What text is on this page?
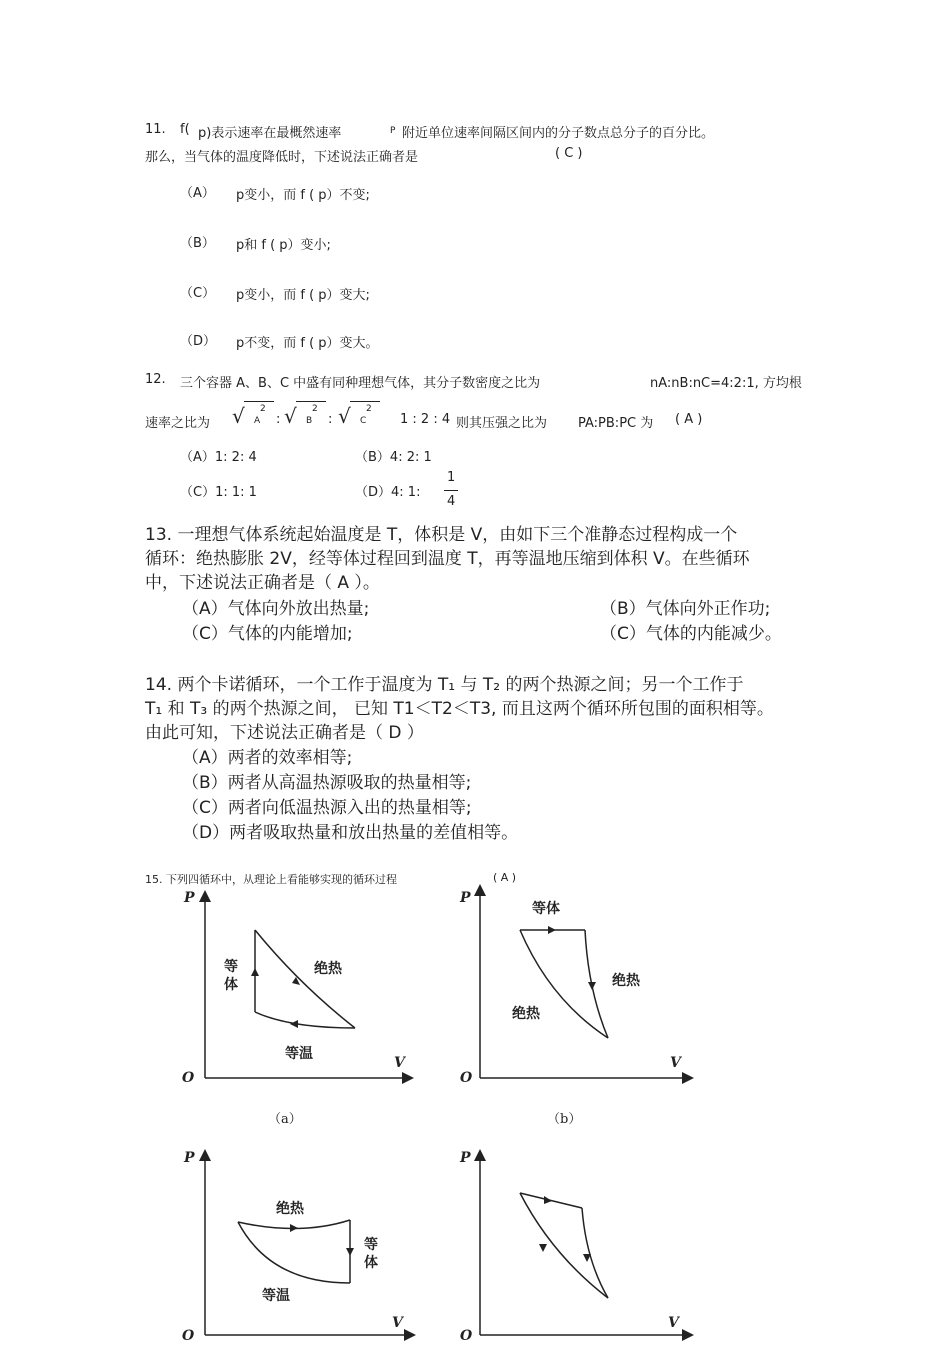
11. f( p)表示速率在最概然速率	P 附近单位速率间隔区间内的分子数点总分子的百分比。
那么，当气体的温度降低时，下述说法正确者是	( C )
（A） p变小，而 f ( p）不变;
（B） p和 f ( p）变小;
（C） p变小，而 f ( p）变大;
（D） p不变，而 f ( p）变大。
12. 三个容器 A、B、C 中盛有同种理想气体，其分子数密度之比为	nA:nB:nC=4:2:1, 方均根
速率之比为
√ 2
A :
√ 2
B :
√ 2
C	1 : 2 : 4 则其压强之比为 PA:PB:PC 为 ( A )
（A）1: 2: 4	（B）4: 2: 1
（C）1: 1: 1	（D）4: 1:
1
4
13. 一理想气体系统起始温度是 T，体积是 V，由如下三个准静态过程构成一个
循环：绝热膨胀 2V，经等体过程回到温度 T，再等温地压缩到体积 V。在些循环
中，下述说法正确者是（ A ）。
（A）气体向外放出热量;	（B）气体向外正作功;
（C）气体的内能增加;	（C）气体的内能减少。
14. 两个卡诺循环，一个工作于温度为 T₁ 与 T₂ 的两个热源之间；另一个工作于
T₁ 和 T₃ 的两个热源之间， 已知 T1＜T2＜T3, 而且这两个循环所包围的面积相等。
由此可知，下述说法正确者是（ D ）
（A）两者的效率相等;
（B）两者从高温热源吸取的热量相等;
（C）两者向低温热源入出的热量相等;
（D）两者吸取热量和放出热量的差值相等。
15. 下列四循环中，从理论上看能够实现的循环过程	( A )
P
V
O
等体
绝热
等温
（a）
P
V
O
等体
绝热
绝热
（b）
P
V
O
绝热
等体
等温
P
V
O
